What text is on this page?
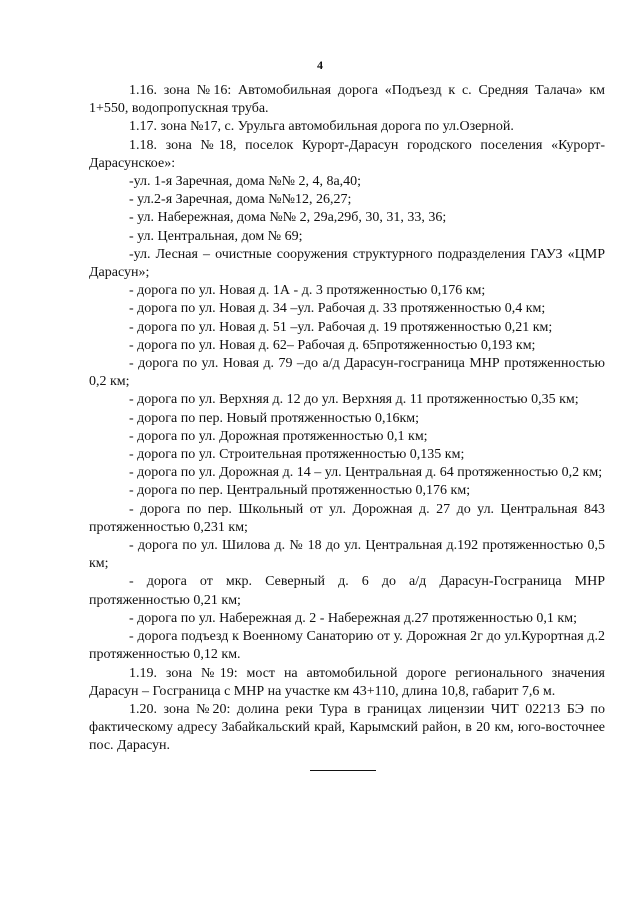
4

1.16. зона №16: Автомобильная дорога «Подъезд к с. Средняя Талача» км 1+550, водопропускная труба.

1.17. зона №17, с. Урульга автомобильная дорога по ул.Озерной.

1.18. зона №18, поселок Курорт-Дарасун городского поселения «Курорт-Дарасунское»:

-ул. 1-я Заречная, дома №№ 2, 4, 8а,40;

- ул.2-я Заречная, дома №№12, 26,27;

- ул. Набережная, дома №№ 2, 29а,29б, 30, 31, 33, 36;

- ул. Центральная, дом № 69;

-ул. Лесная – очистные сооружения структурного подразделения ГАУЗ «ЦМР Дарасун»;

- дорога по ул. Новая д. 1А - д. 3 протяженностью 0,176 км;

- дорога по ул. Новая д. 34 –ул. Рабочая д. 33 протяженностью 0,4 км;

- дорога по ул. Новая д. 51 –ул. Рабочая д. 19 протяженностью 0,21 км;

- дорога по ул. Новая д. 62– Рабочая д. 65протяженностью 0,193 км;

- дорога по ул. Новая д. 79 –до а/д Дарасун-госграница МНР протяженностью 0,2 км;

- дорога по ул. Верхняя д. 12 до ул. Верхняя д. 11 протяженностью 0,35 км;

- дорога по пер. Новый протяженностью 0,16км;

- дорога по ул. Дорожная протяженностью 0,1 км;

- дорога по ул. Строительная протяженностью 0,135 км;

- дорога по ул. Дорожная д. 14 – ул. Центральная д. 64 протяженностью 0,2 км;

- дорога по пер. Центральный протяженностью 0,176 км;

- дорога по пер. Школьный от ул. Дорожная д. 27 до ул. Центральная 843 протяженностью 0,231 км;

- дорога по ул. Шилова д. № 18 до ул. Центральная д.192 протяженностью 0,5 км;

- дорога от мкр. Северный д. 6 до а/д Дарасун-Госграница МНР протяженностью 0,21 км;

- дорога по ул. Набережная д. 2 - Набережная д.27 протяженностью 0,1 км;

- дорога подъезд к Военному Санаторию от у. Дорожная 2г до ул.Курортная д.2 протяженностью 0,12 км.

1.19. зона №19: мост на автомобильной дороге регионального значения Дарасун – Госграница с МНР на участке км 43+110, длина 10,8, габарит 7,6 м.

1.20. зона №20: долина реки Тура в границах лицензии ЧИТ 02213 БЭ по фактическому адресу Забайкальский край, Карымский район, в 20 км, юго-восточнее пос. Дарасун.
